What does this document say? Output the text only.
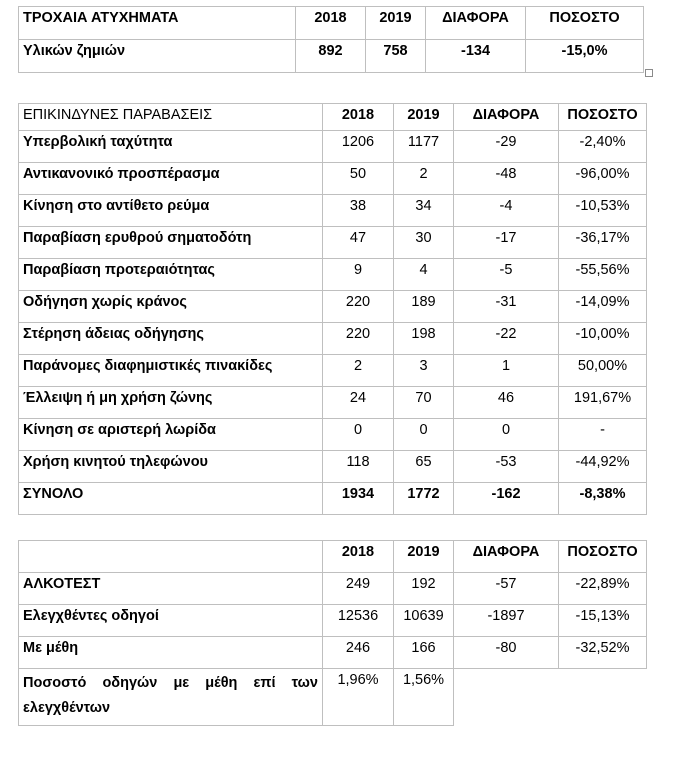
ΤΡΟΧΑΙΑ ΑΤΥΧΗΜΑΤΑ	2018	2019	ΔΙΑΦΟΡΑ	ΠΟΣΟΣΤΟ
Υλικών ζημιών	892	758	-134	-15,0%
ΕΠΙΚΙΝΔΥΝΕΣ ΠΑΡΑΒΑΣΕΙΣ	2018	2019	ΔΙΑΦΟΡΑ	ΠΟΣΟΣΤΟ
Υπερβολική ταχύτητα	1206	1177	-29	-2,40%
Αντικανονικό προσπέρασμα	50	2	-48	-96,00%
Κίνηση στο αντίθετο ρεύμα	38	34	-4	-10,53%
Παραβίαση ερυθρού σηματοδότη	47	30	-17	-36,17%
Παραβίαση προτεραιότητας	9	4	-5	-55,56%
Οδήγηση χωρίς κράνος	220	189	-31	-14,09%
Στέρηση άδειας οδήγησης	220	198	-22	-10,00%
Παράνομες διαφημιστικές πινακίδες	2	3	1	50,00%
Έλλειψη ή μη χρήση ζώνης	24	70	46	191,67%
Κίνηση σε αριστερή λωρίδα	0	0	0	-
Χρήση κινητού τηλεφώνου	118	65	-53	-44,92%
ΣΥΝΟΛΟ	1934	1772	-162	-8,38%
	2018	2019	ΔΙΑΦΟΡΑ	ΠΟΣΟΣΤΟ
ΑΛΚΟΤΕΣΤ	249	192	-57	-22,89%
Ελεγχθέντες οδηγοί	12536	10639	-1897	-15,13%
Με μέθη	246	166	-80	-32,52%
Ποσοστό οδηγών με μέθη επί των ελεγχθέντων	1,96%	1,56%		
